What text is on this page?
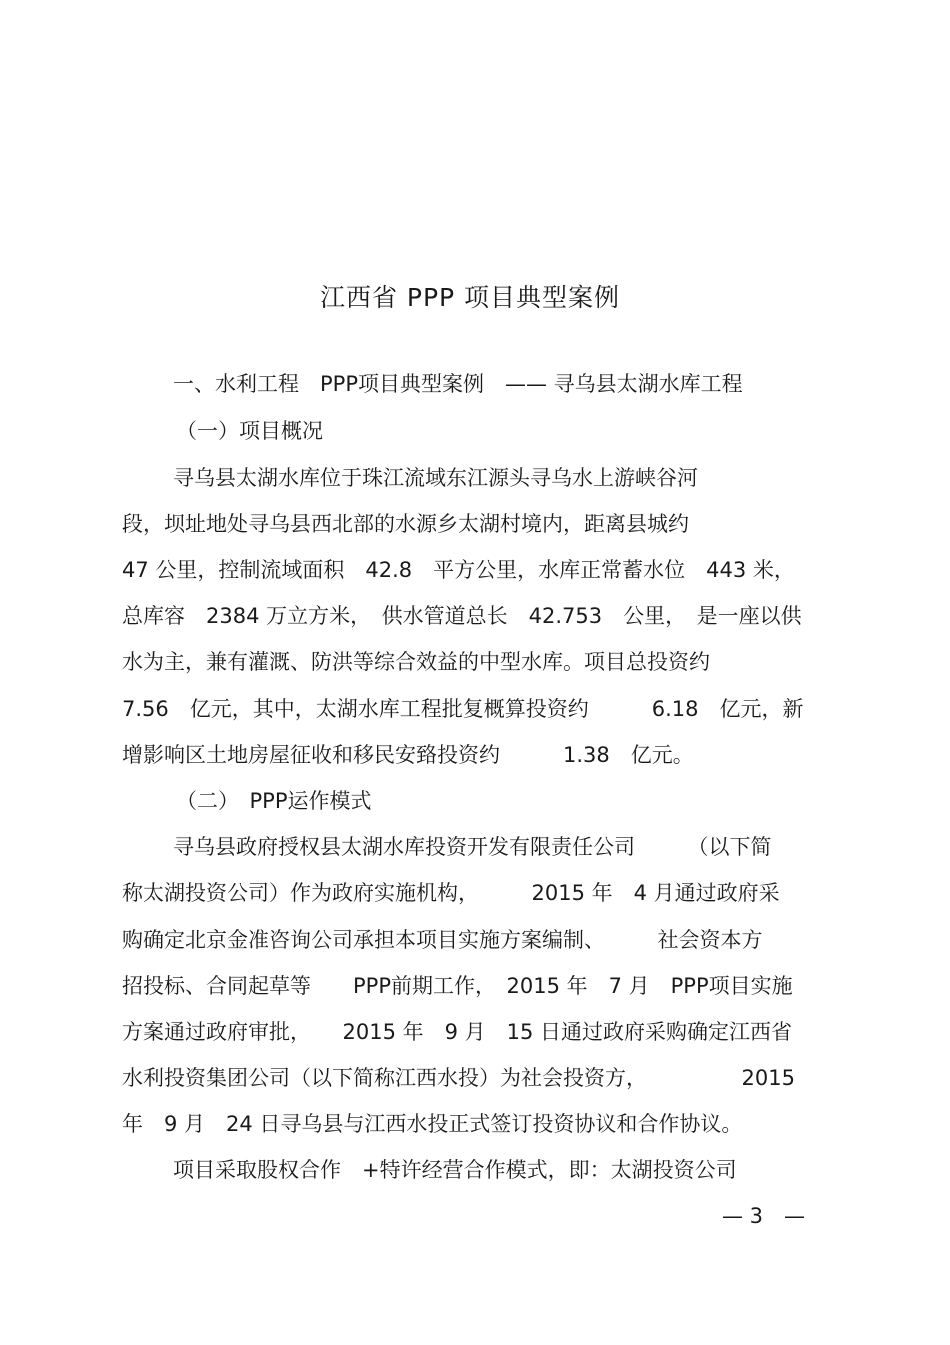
江西省 PPP 项目典型案例
一、水利工程　PPP项目典型案例　—— 寻乌县太湖水库工程
（一）项目概况
寻乌县太湖水库位于珠江流域东江源头寻乌水上游峡谷河
段，坝址地处寻乌县西北部的水源乡太湖村境内，距离县城约
47 公里，控制流域面积　42.8　平方公里，水库正常蓄水位　443 米，
总库容　2384 万立方米，　供水管道总长　42.753　公里，　是一座以供
水为主，兼有灌溉、防洪等综合效益的中型水库。项目总投资约
7.56　亿元，其中，太湖水库工程批复概算投资约　　　6.18　亿元，新
增影响区土地房屋征收和移民安臵投资约　　　1.38　亿元。
（二）　PPP运作模式
寻乌县政府授权县太湖水库投资开发有限责任公司　　　（以下简
称太湖投资公司）作为政府实施机构，　　　2015 年　4 月通过政府采
购确定北京金准咨询公司承担本项目实施方案编制、　　　社会资本方
招投标、合同起草等　　PPP前期工作，　2015 年　7 月　PPP项目实施
方案通过政府审批，　　2015 年　9 月　15 日通过政府采购确定江西省
水利投资集团公司（以下简称江西水投）为社会投资方，　　　　　2015
年　9 月　24 日寻乌县与江西水投正式签订投资协议和合作协议。
项目采取股权合作　+特许经营合作模式，即：太湖投资公司
— 3　—
